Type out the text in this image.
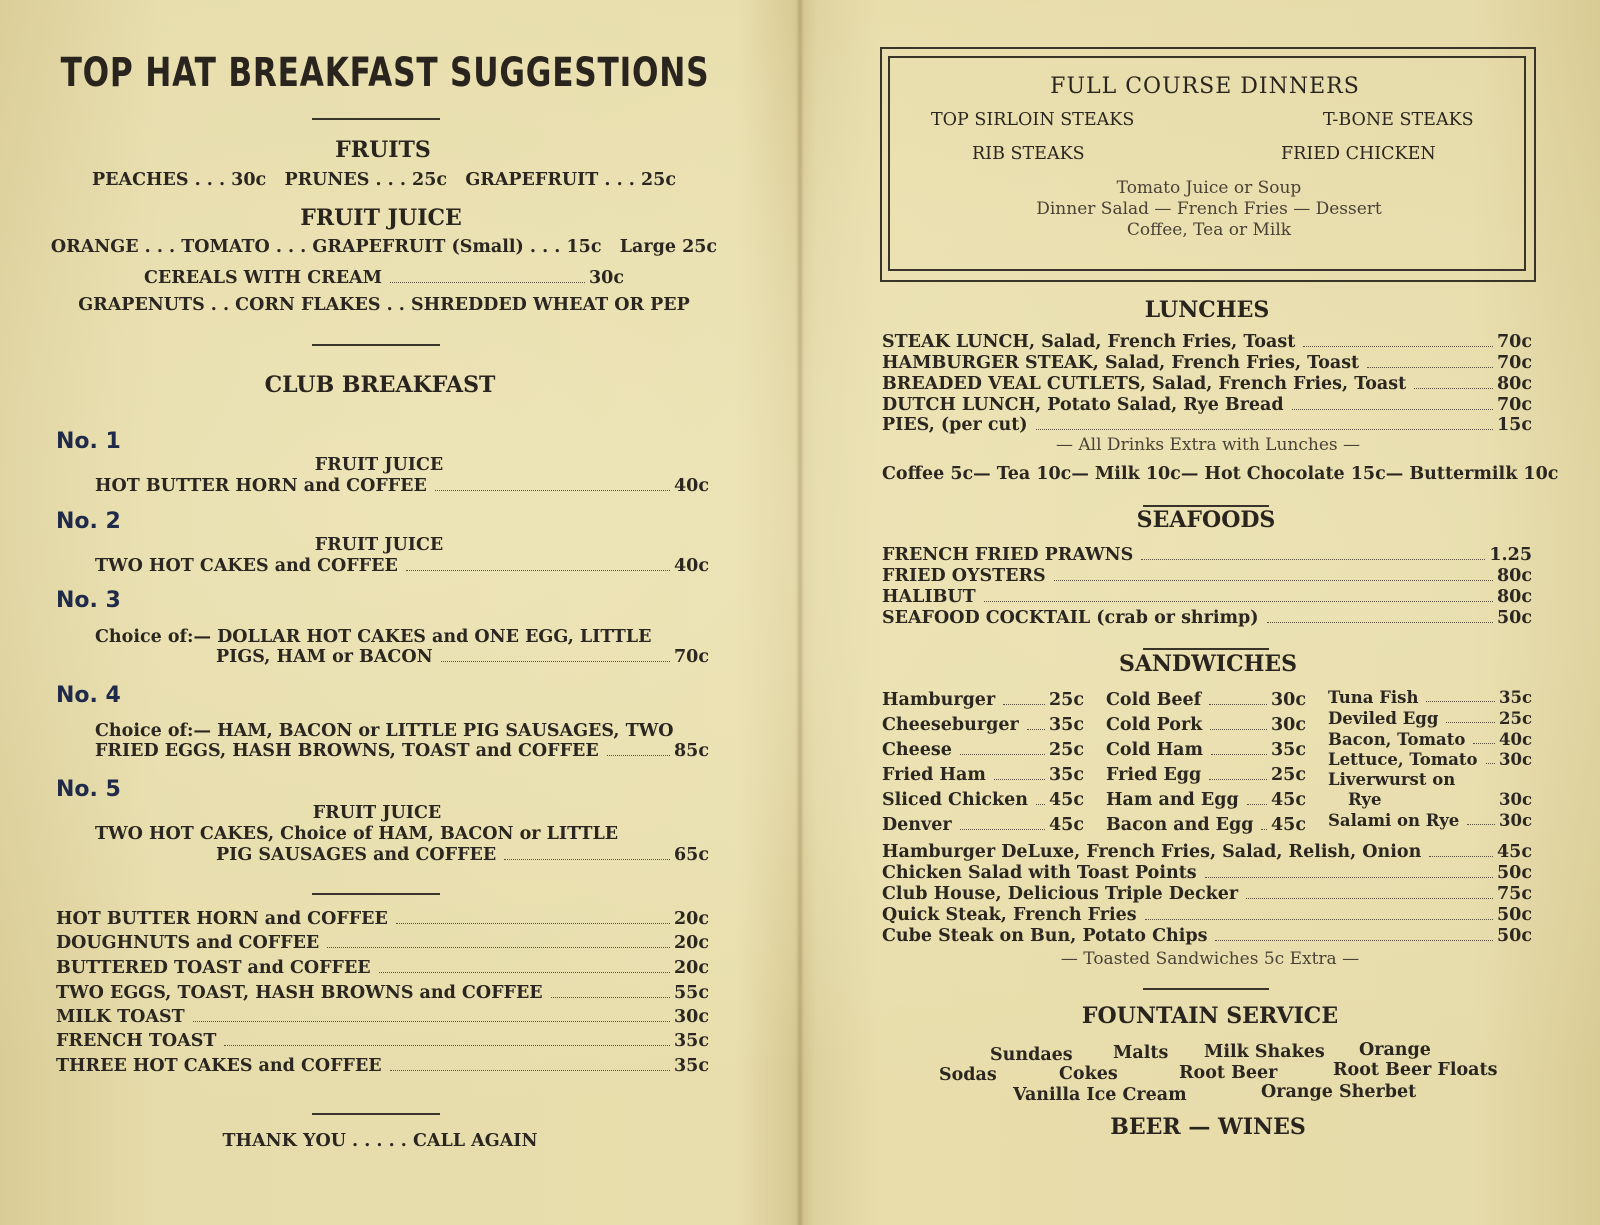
TOP HAT BREAKFAST SUGGESTIONS
FRUITS
PEACHES . . . 30c   PRUNES . . . 25c   GRAPEFRUIT . . . 25c
FRUIT JUICE
ORANGE . . . TOMATO . . . GRAPEFRUIT (Small) . . . 15c   Large 25c
CEREALS WITH CREAM	30c
GRAPENUTS . . CORN FLAKES . . SHREDDED WHEAT OR PEP
CLUB BREAKFAST
No. 1
FRUIT JUICE
HOT BUTTER HORN and COFFEE	40c
No. 2
FRUIT JUICE
TWO HOT CAKES and COFFEE	40c
No. 3
Choice of:— DOLLAR HOT CAKES and ONE EGG, LITTLE
PIGS, HAM or BACON	70c
No. 4
Choice of:— HAM, BACON or LITTLE PIG SAUSAGES, TWO
FRIED EGGS, HASH BROWNS, TOAST and COFFEE	85c
No. 5
FRUIT JUICE
TWO HOT CAKES, Choice of HAM, BACON or LITTLE
PIG SAUSAGES and COFFEE	65c
HOT BUTTER HORN and COFFEE	20c
DOUGHNUTS and COFFEE	20c
BUTTERED TOAST and COFFEE	20c
TWO EGGS, TOAST, HASH BROWNS and COFFEE	55c
MILK TOAST	30c
FRENCH TOAST	35c
THREE HOT CAKES and COFFEE	35c
THANK YOU . . . . . CALL AGAIN
FULL COURSE DINNERS
TOP SIRLOIN STEAKS	T-BONE STEAKS
RIB STEAKS	FRIED CHICKEN
Tomato Juice or Soup
Dinner Salad — French Fries — Dessert
Coffee, Tea or Milk
LUNCHES
STEAK LUNCH, Salad, French Fries, Toast	70c
HAMBURGER STEAK, Salad, French Fries, Toast	70c
BREADED VEAL CUTLETS, Salad, French Fries, Toast	80c
DUTCH LUNCH, Potato Salad, Rye Bread	70c
PIES, (per cut)	15c
— All Drinks Extra with Lunches —
Coffee 5c— Tea 10c— Milk 10c— Hot Chocolate 15c— Buttermilk 10c
SEAFOODS
FRENCH FRIED PRAWNS	1.25
FRIED OYSTERS	80c
HALIBUT	80c
SEAFOOD COCKTAIL (crab or shrimp)	50c
SANDWICHES
Hamburger	25c
Cheeseburger 35c
Cheese	25c
Fried Ham	35c
Sliced Chicken 45c
Denver	45c
Cold Beef	30c
Cold Pork	30c
Cold Ham	35c
Fried Egg	25c
Ham and Egg 45c
Bacon and Egg 45c
Tuna Fish	35c
Deviled Egg	25c
Bacon, Tomato 40c
Lettuce, Tomato 30c
Liverwurst on
Rye	30c
Salami on Rye 30c
Hamburger DeLuxe, French Fries, Salad, Relish, Onion	45c
Chicken Salad with Toast Points	50c
Club House, Delicious Triple Decker	75c
Quick Steak, French Fries	50c
Cube Steak on Bun, Potato Chips	50c
— Toasted Sandwiches 5c Extra —
FOUNTAIN SERVICE
Sundaes Malts Milk Shakes Orange
Sodas	Cokes	Root Beer	Root Beer Floats
Vanilla Ice Cream	Orange Sherbet
BEER — WINES
